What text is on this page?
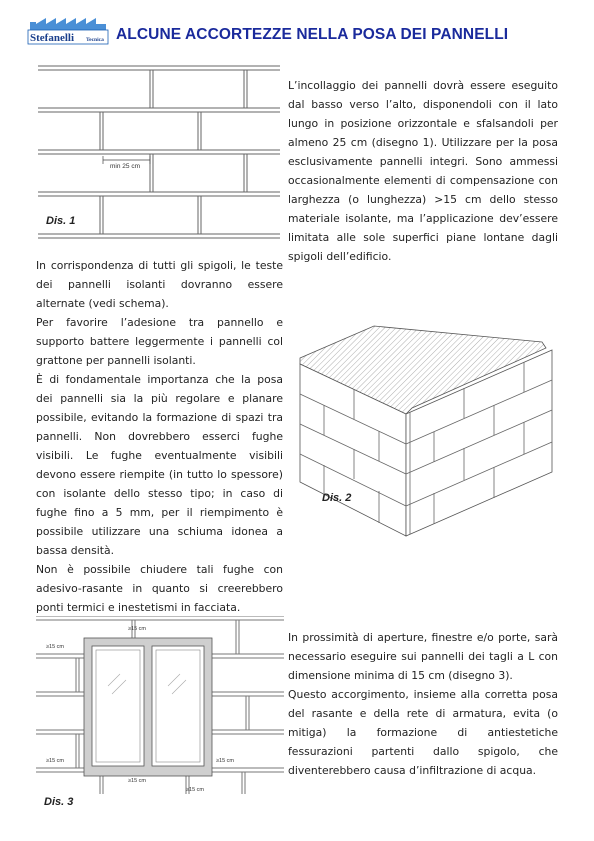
Stefanelli Tecnica ALCUNE ACCORTEZZE NELLA POSA DEI PANNELLI
min 25 cm
Dis. 1

L’incollaggio dei pannelli dovrà essere eseguito dal basso verso l’alto, disponendoli con il lato lungo in posizione orizzontale e sfalsandoli per almeno 25 cm (disegno 1). Utilizzare per la posa esclusivamente pannelli integri. Sono ammessi occasionalmente elementi di compensazione con larghezza (o lunghezza) >15 cm dello stesso materiale isolante, ma l’applicazione dev’essere limitata alle sole superfici piane lontane dagli spigoli dell’edificio.

In corrispondenza di tutti gli spigoli, le teste dei pannelli isolanti dovranno essere alternate (vedi schema).

Per favorire l’adesione tra pannello e supporto battere leggermente i pannelli col grattone per pannelli isolanti.

È di fondamentale importanza che la posa dei pannelli sia la più regolare e planare possibile, evitando la formazione di spazi tra pannelli. Non dovrebbero esserci fughe visibili. Le fughe eventualmente visibili devono essere riempite (in tutto lo spessore) con isolante dello stesso tipo; in caso di fughe fino a 5 mm, per il riempimento è possibile utilizzare una schiuma idonea a bassa densità.

Non è possibile chiudere tali fughe con adesivo-rasante in quanto si creerebbero ponti termici e inestetismi in facciata.

Dis. 2
≥15 cm
≥15 cm
≥15 cm
≥15 cm
≥15 cm
≥15 cm
Dis. 3

In prossimità di aperture, finestre e/o porte, sarà necessario eseguire sui pannelli dei tagli a L con dimensione minima di 15 cm (disegno 3).

Questo accorgimento, insieme alla corretta posa del rasante e della rete di armatura, evita (o mitiga) la formazione di antiestetiche fessurazioni partenti dallo spigolo, che diventerebbero causa d’infiltrazione di acqua.
